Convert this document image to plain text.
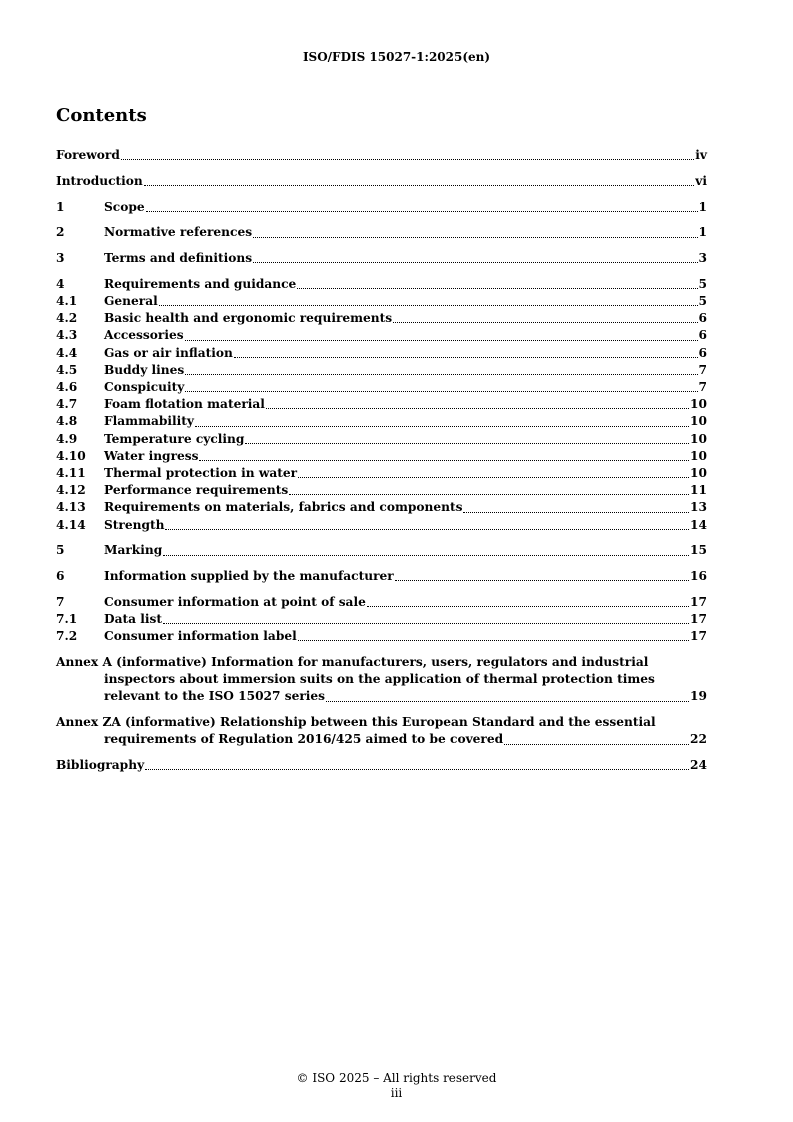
ISO/FDIS 15027-1:2025(en)
Contents
Foreword	iv
Introduction	vi
1	Scope	1
2	Normative references	1
3	Terms and definitions	3
4	Requirements and guidance	5
4.1	General	5
4.2	Basic health and ergonomic requirements	6
4.3	Accessories	6
4.4	Gas or air inflation	6
4.5	Buddy lines	7
4.6	Conspicuity	7
4.7	Foam flotation material	10
4.8	Flammability	10
4.9	Temperature cycling	10
4.10	Water ingress	10
4.11	Thermal protection in water	10
4.12	Performance requirements	11
4.13	Requirements on materials, fabrics and components	13
4.14	Strength	14
5	Marking	15
6	Information supplied by the manufacturer	16
7	Consumer information at point of sale	17
7.1	Data list	17
7.2	Consumer information label	17
Annex A (informative) Information for manufacturers, users, regulators and industrial
inspectors about immersion suits on the application of thermal protection times
relevant to the ISO 15027 series	19
Annex ZA (informative) Relationship between this European Standard and the essential
requirements of Regulation 2016/425 aimed to be covered	22
Bibliography	24
© ISO 2025 – All rights reserved
iii
